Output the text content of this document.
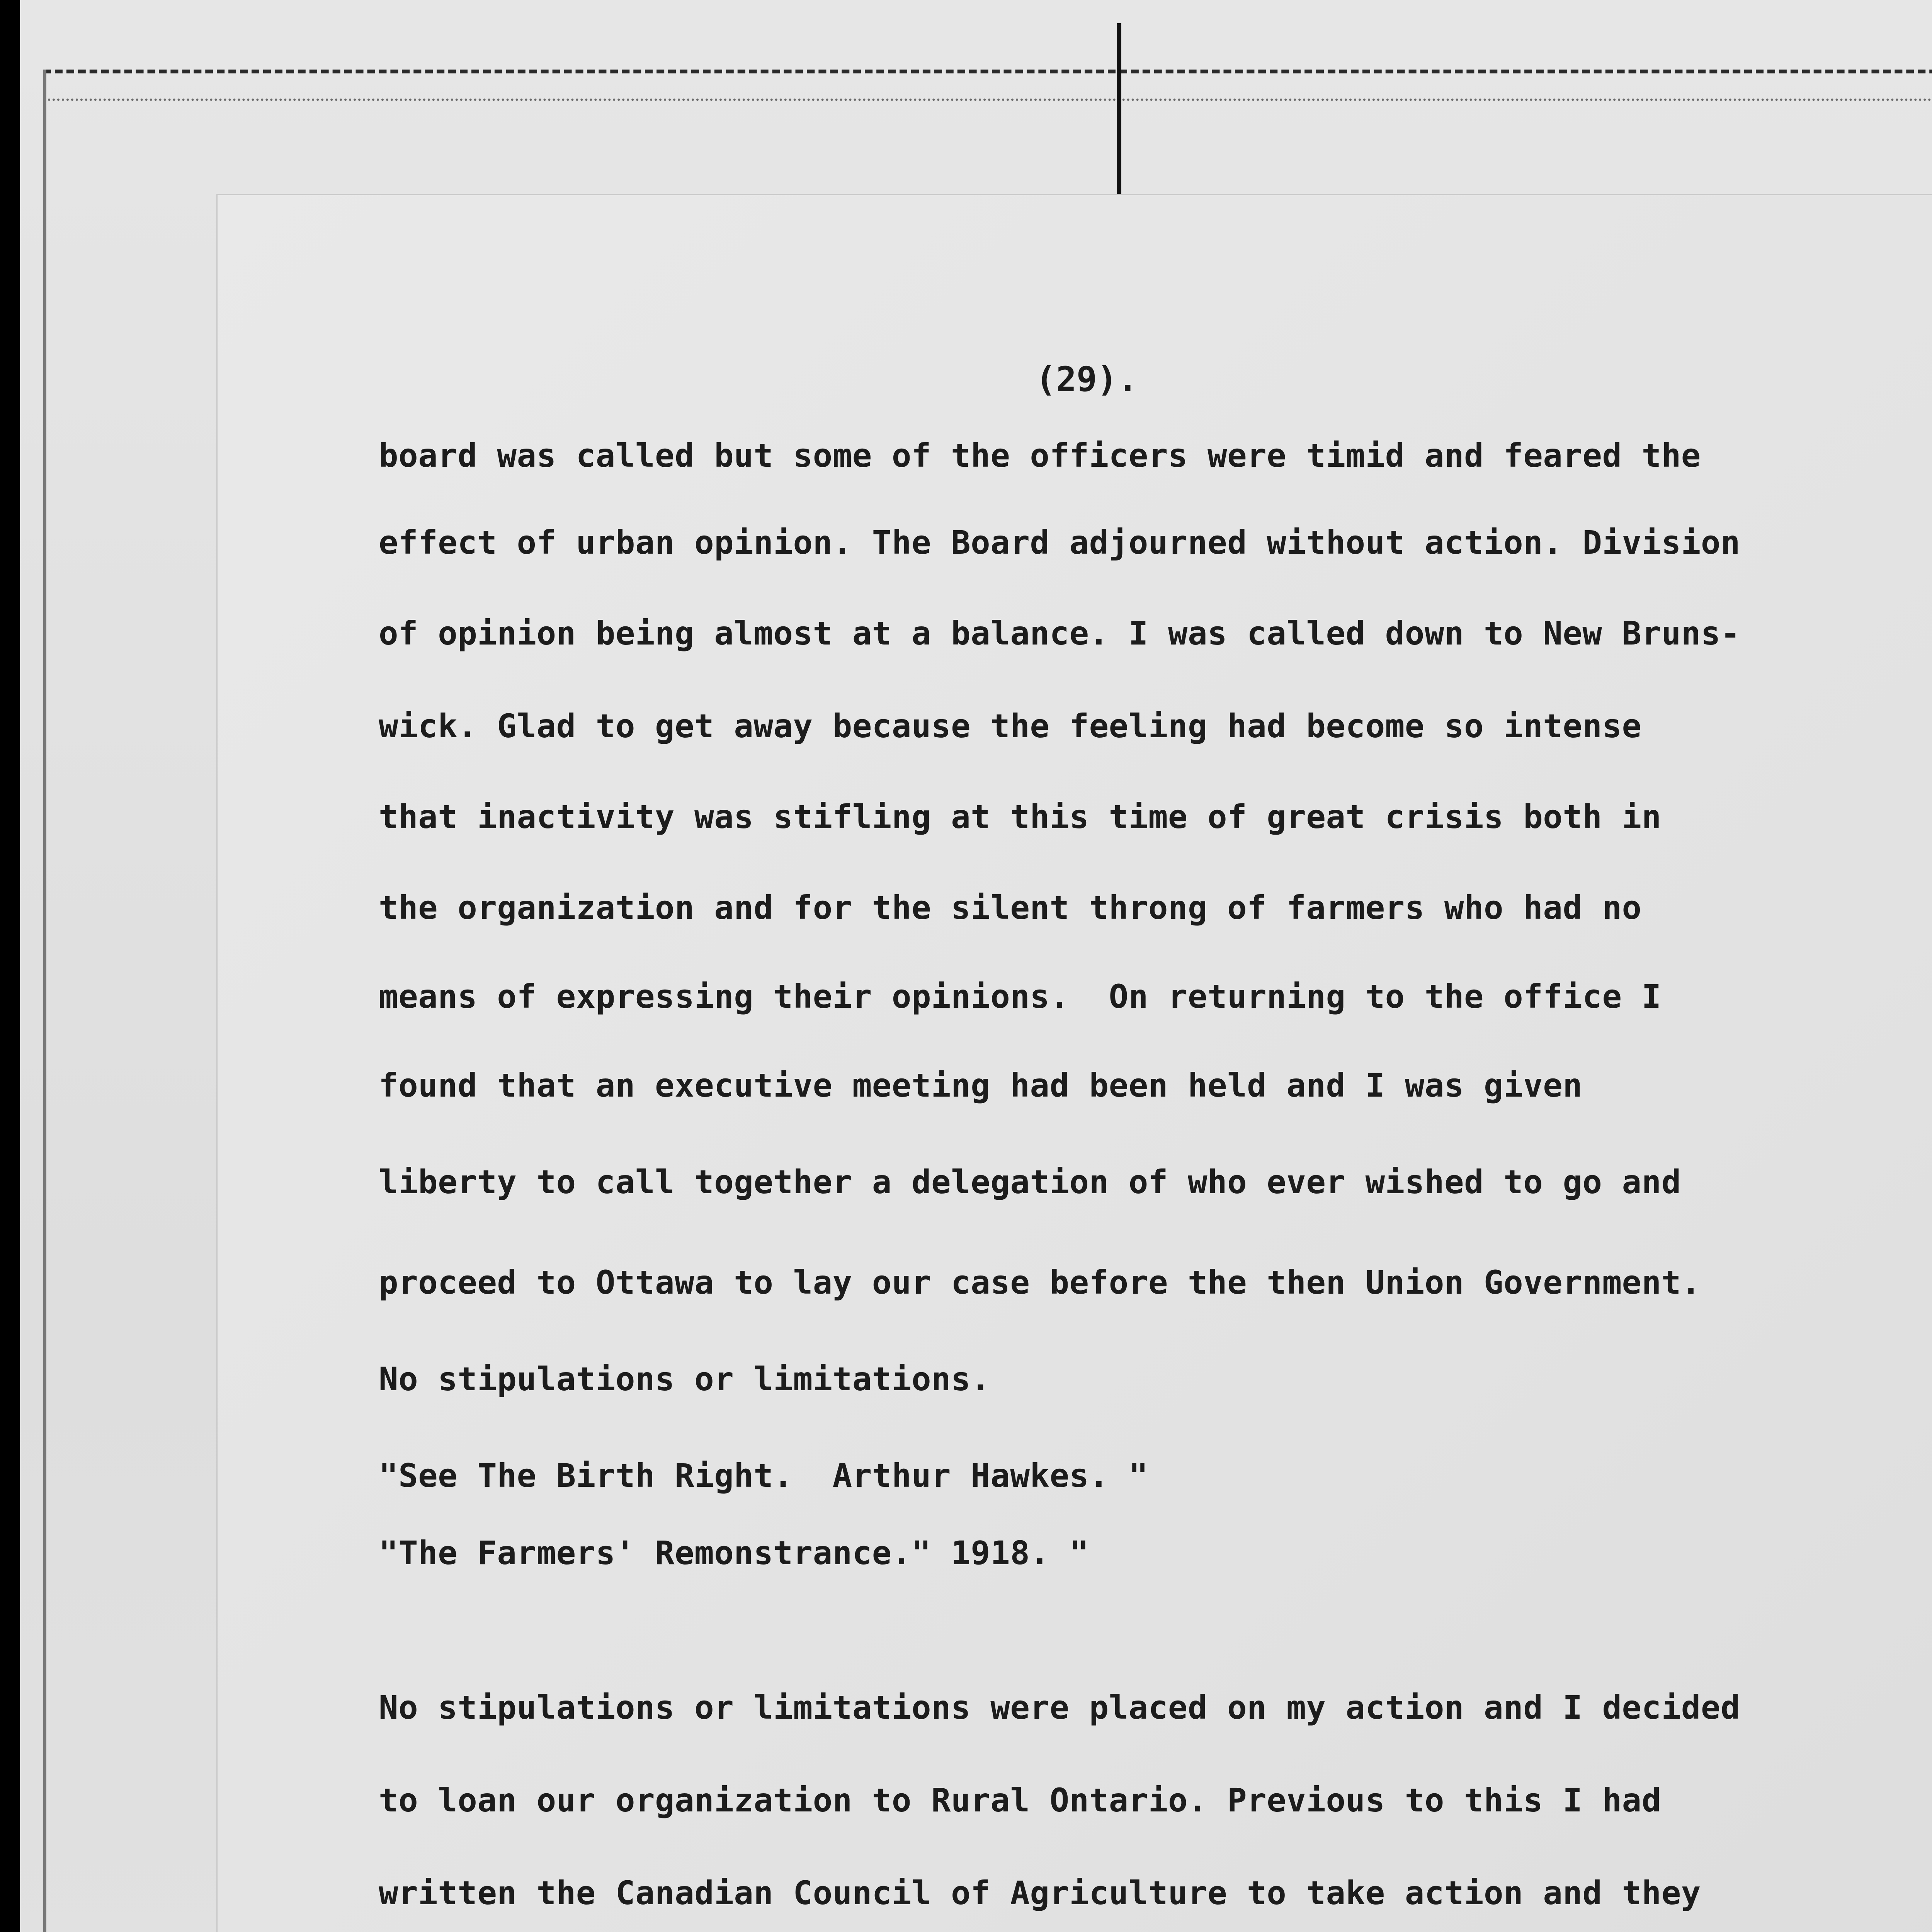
(29).
board was called but some of the officers were timid and feared the
effect of urban opinion. The Board adjourned without action. Division
of opinion being almost at a balance. I was called down to New Bruns-
wick. Glad to get away because the feeling had become so intense
that inactivity was stifling at this time of great crisis both in
the organization and for the silent throng of farmers who had no
means of expressing their opinions.  On returning to the office I
found that an executive meeting had been held and I was given
liberty to call together a delegation of who ever wished to go and
proceed to Ottawa to lay our case before the then Union Government.
No stipulations or limitations.
"See The Birth Right.  Arthur Hawkes. "
"The Farmers' Remonstrance." 1918. "
No stipulations or limitations were placed on my action and I decided
to loan our organization to Rural Ontario. Previous to this I had
written the Canadian Council of Agriculture to take action and they
